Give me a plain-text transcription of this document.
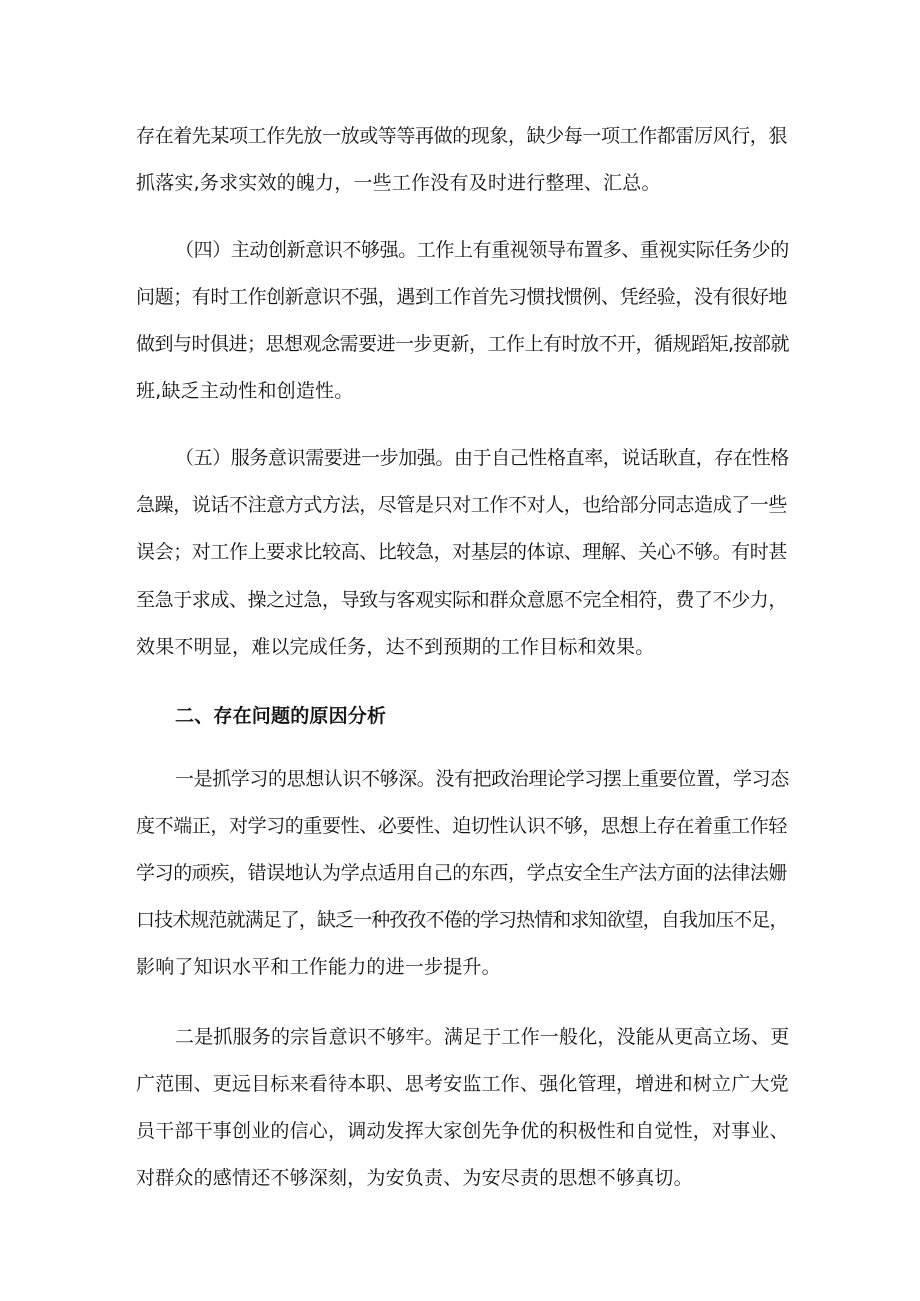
存在着先某项工作先放一放或等等再做的现象，缺少每一项工作都雷厉风行，狠
抓落实,务求实效的魄力，一些工作没有及时进行整理、汇总。
（四）主动创新意识不够强。工作上有重视领导布置多、重视实际任务少的
问题；有时工作创新意识不强，遇到工作首先习惯找惯例、凭经验，没有很好地
做到与时俱进；思想观念需要进一步更新，工作上有时放不开，循规蹈矩,按部就
班,缺乏主动性和创造性。
（五）服务意识需要进一步加强。由于自己性格直率，说话耿直，存在性格
急躁，说话不注意方式方法，尽管是只对工作不对人，也给部分同志造成了一些
误会；对工作上要求比较高、比较急，对基层的体谅、理解、关心不够。有时甚
至急于求成、操之过急，导致与客观实际和群众意愿不完全相符，费了不少力，
效果不明显，难以完成任务，达不到预期的工作目标和效果。
二、存在问题的原因分析
一是抓学习的思想认识不够深。没有把政治理论学习摆上重要位置，学习态
度不端正，对学习的重要性、必要性、迫切性认识不够，思想上存在着重工作轻
学习的顽疾，错误地认为学点适用自己的东西，学点安全生产法方面的法律法姗
口技术规范就满足了，缺乏一种孜孜不倦的学习热情和求知欲望，自我加压不足，
影响了知识水平和工作能力的进一步提升。
二是抓服务的宗旨意识不够牢。满足于工作一般化，没能从更高立场、更
广范围、更远目标来看待本职、思考安监工作、强化管理，增进和树立广大党
员干部干事创业的信心，调动发挥大家创先争优的积极性和自觉性，对事业、
对群众的感情还不够深刻，为安负责、为安尽责的思想不够真切。
